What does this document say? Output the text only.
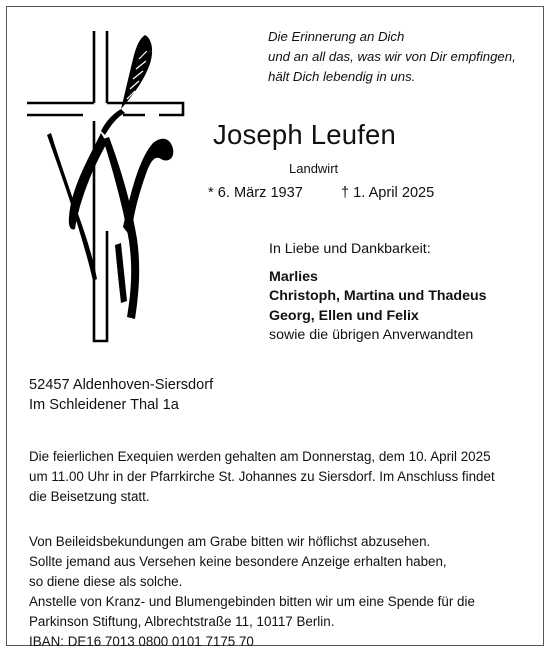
Die Erinnerung an Dich
und an all das, was wir von Dir empfingen,
hält Dich lebendig in uns.
Joseph Leufen
Landwirt
* 6. März 1937	† 1. April 2025
In Liebe und Dankbarkeit:
Marlies
Christoph, Martina und Thadeus
Georg, Ellen und Felix
sowie die übrigen Anverwandten
52457 Aldenhoven-Siersdorf
Im Schleidener Thal 1a
Die feierlichen Exequien werden gehalten am Donnerstag, dem 10. April 2025
um 11.00 Uhr in der Pfarrkirche St. Johannes zu Siersdorf. Im Anschluss findet
die Beisetzung statt.
Von Beileidsbekundungen am Grabe bitten wir höflichst abzusehen.
Sollte jemand aus Versehen keine besondere Anzeige erhalten haben,
so diene diese als solche.
Anstelle von Kranz- und Blumengebinden bitten wir um eine Spende für die
Parkinson Stiftung, Albrechtstraße 11, 10117 Berlin.
IBAN: DE16 7013 0800 0101 7175 70
